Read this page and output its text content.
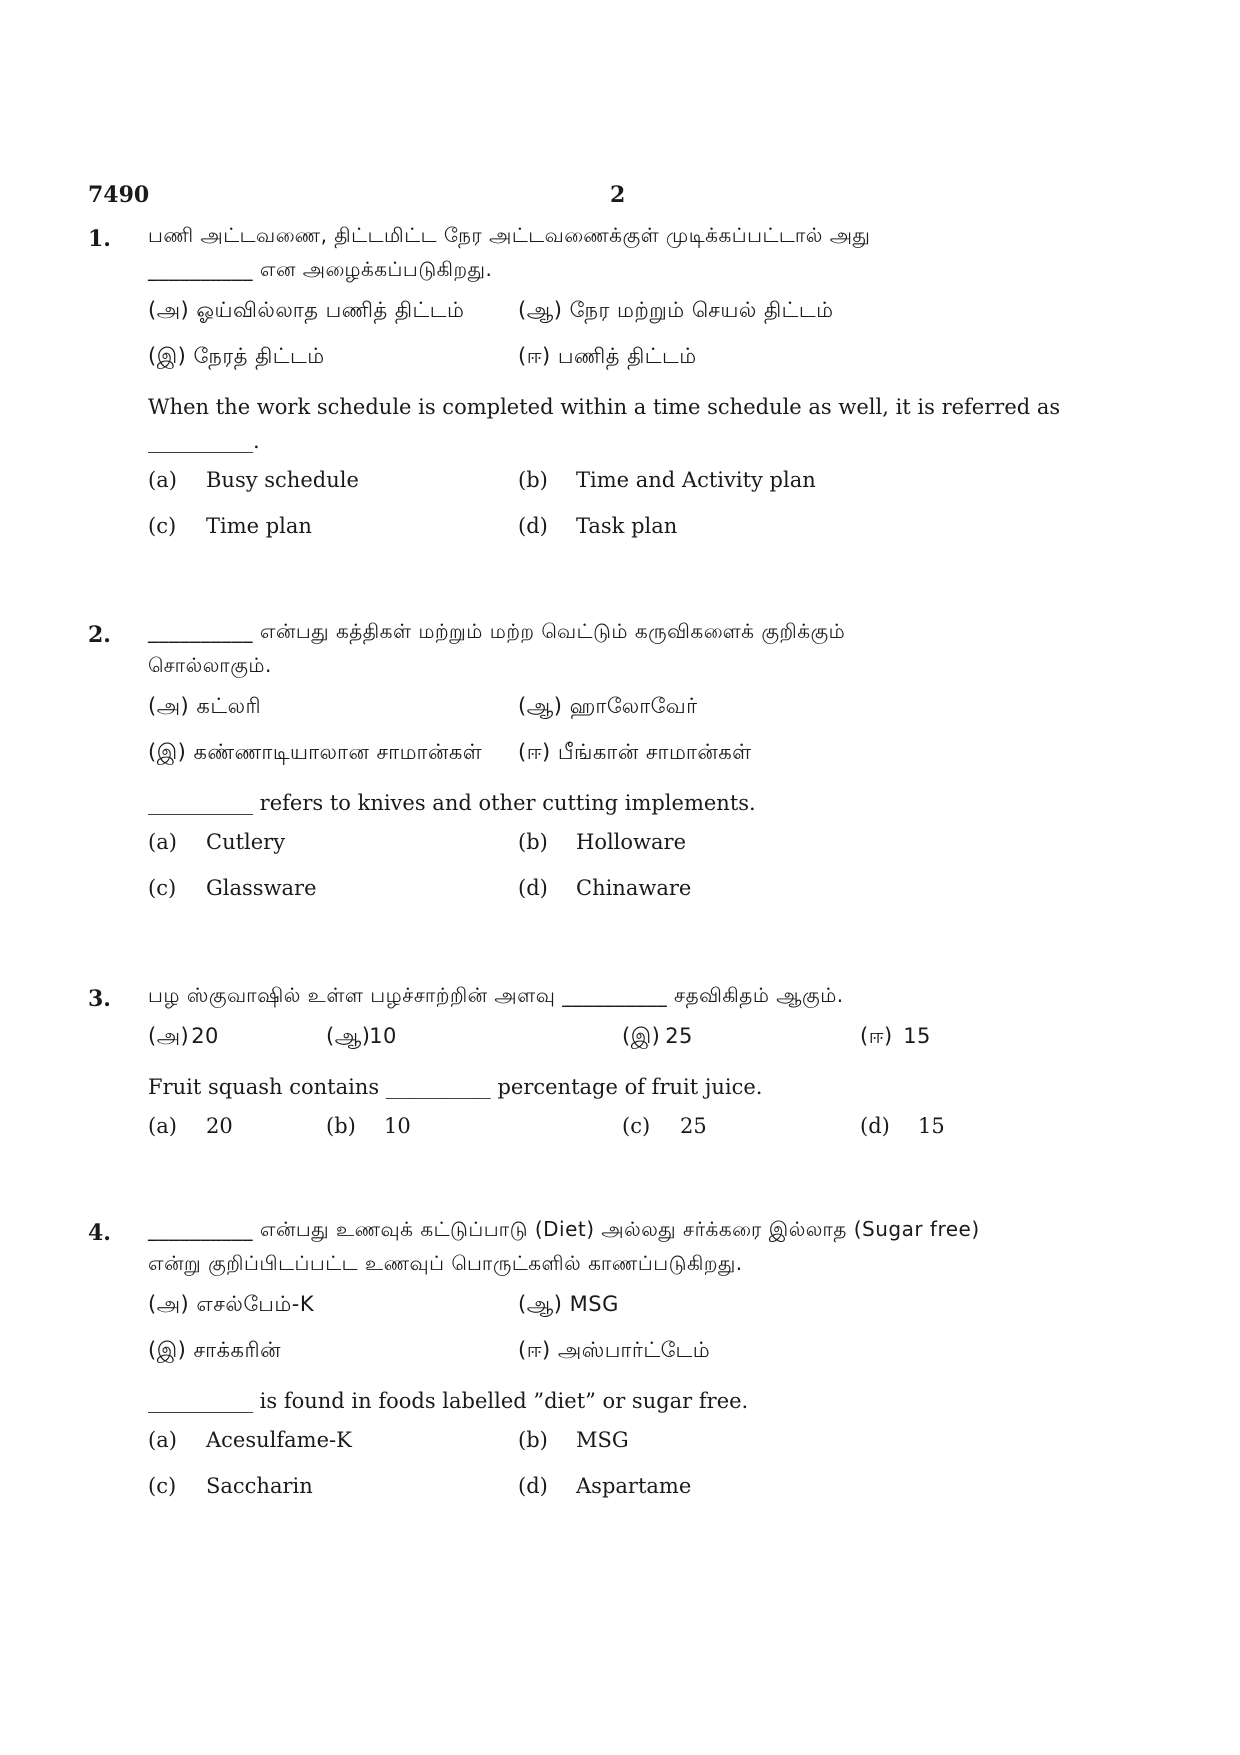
7490	2
1. பணி அட்டவணை, திட்டமிட்ட நேர அட்டவணைக்குள் முடிக்கப்பட்டால் அது
__________ என அழைக்கப்படுகிறது.
(அ) ஓய்வில்லாத பணித் திட்டம்	(ஆ) நேர மற்றும் செயல் திட்டம்
(இ) நேரத் திட்டம்	(ஈ) பணித் திட்டம்
When the work schedule is completed within a time schedule as well, it is referred as
__________.
(a) Busy schedule	(b) Time and Activity plan
(c) Time plan	(d) Task plan
2. __________ என்பது கத்திகள் மற்றும் மற்ற வெட்டும் கருவிகளைக் குறிக்கும்
சொல்லாகும்.
(அ) கட்லரி	(ஆ) ஹாலோவேர்
(இ) கண்ணாடியாலான சாமான்கள் (ஈ) பீங்கான் சாமான்கள்
__________ refers to knives and other cutting implements.
(a) Cutlery	(b) Holloware
(c) Glassware	(d) Chinaware
3. பழ ஸ்குவாஷில் உள்ள பழச்சாற்றின் அளவு __________ சதவிகிதம் ஆகும்.
(அ) 20	(ஆ) 10	(இ) 25	(ஈ) 15
Fruit squash contains __________ percentage of fruit juice.
(a) 20	(b) 10	(c) 25	(d) 15
4. __________ என்பது உணவுக் கட்டுப்பாடு (Diet) அல்லது சர்க்கரை இல்லாத (Sugar free)
என்று குறிப்பிடப்பட்ட உணவுப் பொருட்களில் காணப்படுகிறது.
(அ) எசல்பேம்-K	(ஆ) MSG
(இ) சாக்கரின்	(ஈ) அஸ்பார்ட்டேம்
__________ is found in foods labelled ”diet” or sugar free.
(a) Acesulfame-K	(b) MSG
(c) Saccharin	(d) Aspartame
